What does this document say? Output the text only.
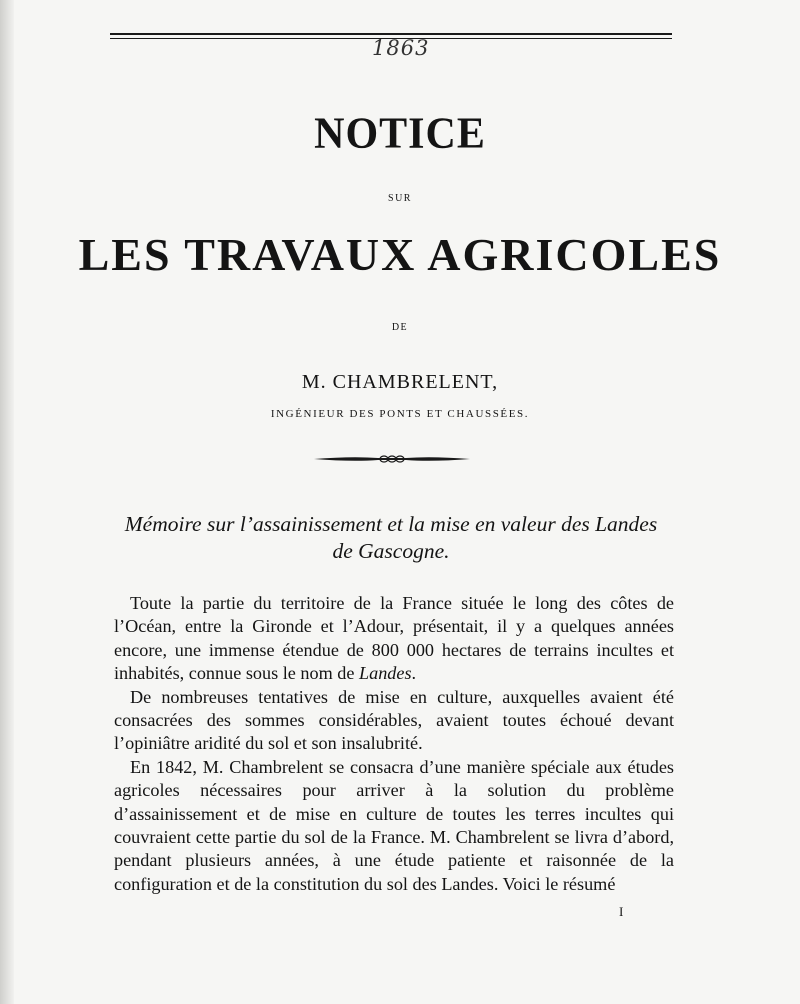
1863
NOTICE
SUR
LES TRAVAUX AGRICOLES
DE
M. CHAMBRELENT,
INGÉNIEUR DES PONTS ET CHAUSSÉES.
Mémoire sur l’assainissement et la mise en valeur des Landes
de Gascogne.

Toute la partie du territoire de la France située le long des côtes de l’Océan, entre la Gironde et l’Adour, présentait, il y a quelques années encore, une immense étendue de 800 000 hectares de terrains incultes et inhabités, connue sous le nom de Landes.

De nombreuses tentatives de mise en culture, auxquelles avaient été consacrées des sommes considérables, avaient toutes échoué devant l’opiniâtre aridité du sol et son insalubrité.

En 1842, M. Chambrelent se consacra d’une manière spéciale aux études agricoles nécessaires pour arriver à la solution du problème d’assainissement et de mise en culture de toutes les terres incultes qui couvraient cette partie du sol de la France. M. Chambrelent se livra d’abord, pendant plusieurs années, à une étude patiente et raisonnée de la configuration et de la constitution du sol des Landes. Voici le résumé

I
